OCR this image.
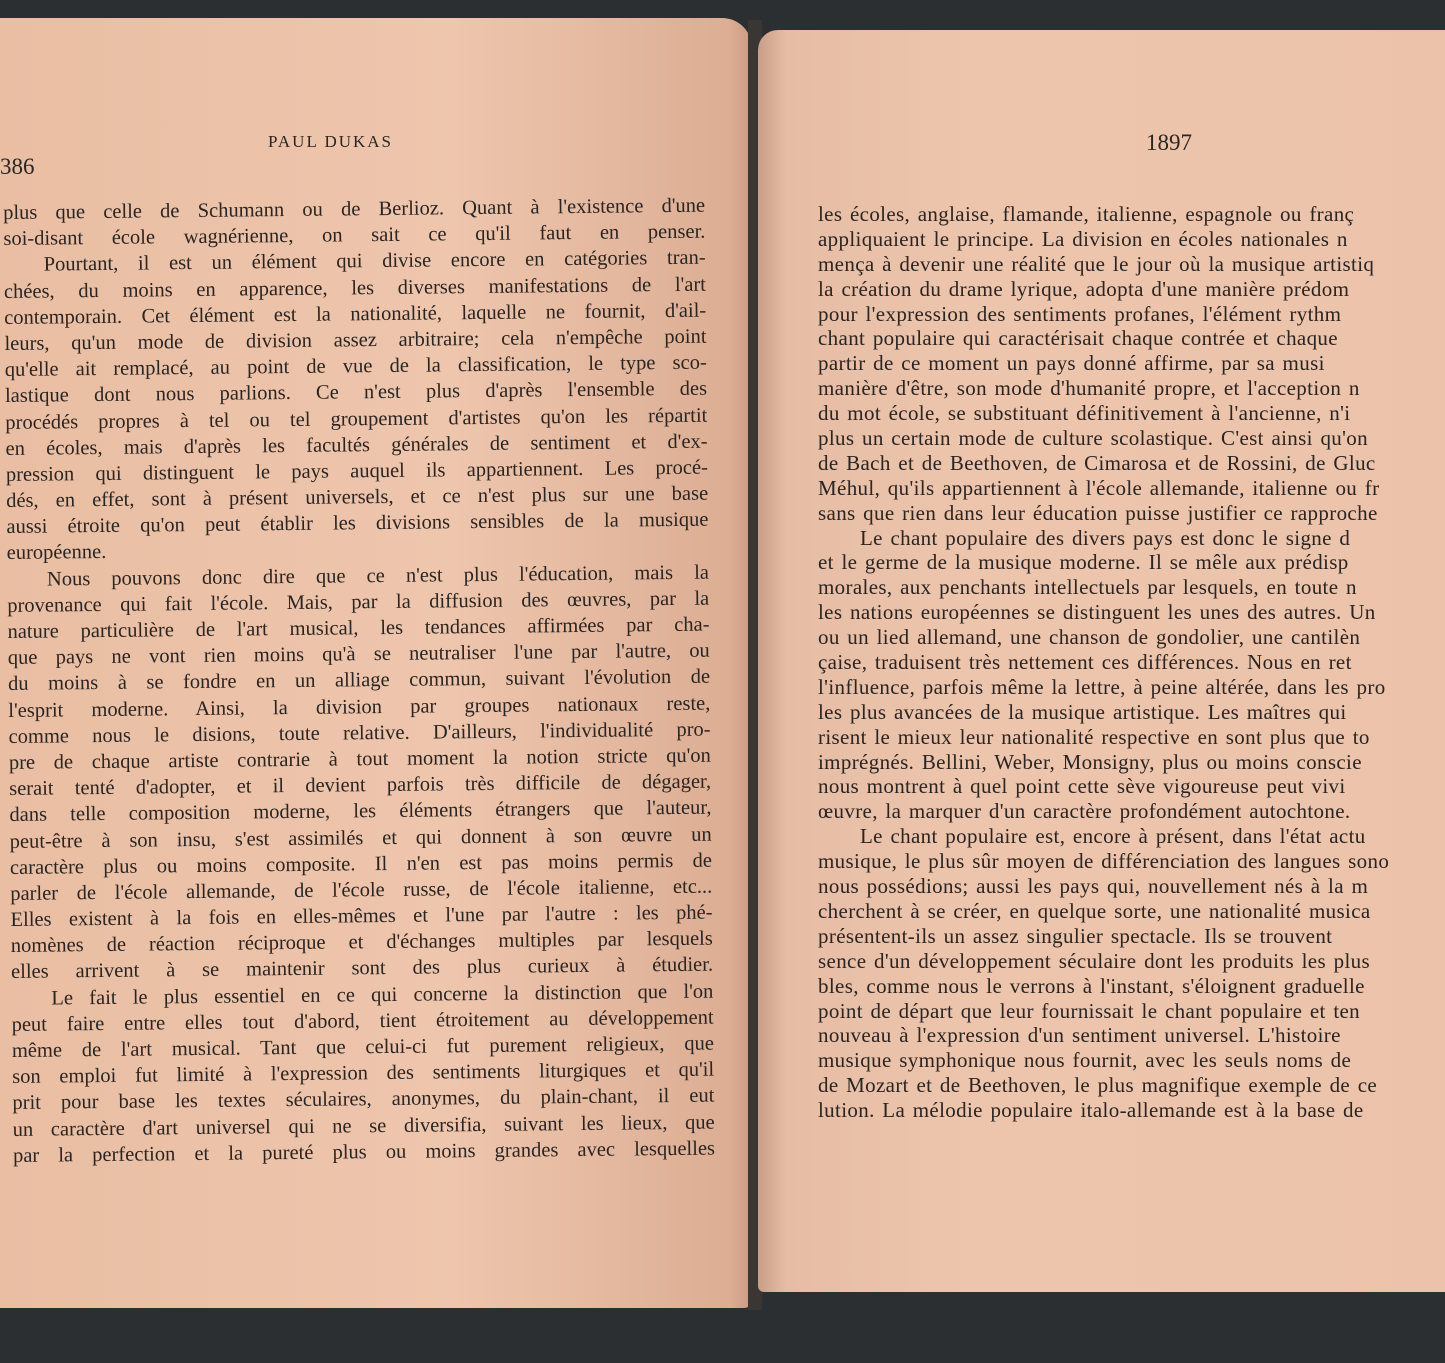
386
PAUL DUKAS
plus que celle de Schumann ou de Berlioz. Quant à l'existence d'une
soi-disant école wagnérienne, on sait ce qu'il faut en penser.
Pourtant, il est un élément qui divise encore en catégories tran-
chées, du moins en apparence, les diverses manifestations de l'art
contemporain. Cet élément est la nationalité, laquelle ne fournit, d'ail-
leurs, qu'un mode de division assez arbitraire; cela n'empêche point
qu'elle ait remplacé, au point de vue de la classification, le type sco-
lastique dont nous parlions. Ce n'est plus d'après l'ensemble des
procédés propres à tel ou tel groupement d'artistes qu'on les répartit
en écoles, mais d'après les facultés générales de sentiment et d'ex-
pression qui distinguent le pays auquel ils appartiennent. Les procé-
dés, en effet, sont à présent universels, et ce n'est plus sur une base
aussi étroite qu'on peut établir les divisions sensibles de la musique
européenne.
Nous pouvons donc dire que ce n'est plus l'éducation, mais la
provenance qui fait l'école. Mais, par la diffusion des œuvres, par la
nature particulière de l'art musical, les tendances affirmées par cha-
que pays ne vont rien moins qu'à se neutraliser l'une par l'autre, ou
du moins à se fondre en un alliage commun, suivant l'évolution de
l'esprit moderne. Ainsi, la division par groupes nationaux reste,
comme nous le disions, toute relative. D'ailleurs, l'individualité pro-
pre de chaque artiste contrarie à tout moment la notion stricte qu'on
serait tenté d'adopter, et il devient parfois très difficile de dégager,
dans telle composition moderne, les éléments étrangers que l'auteur,
peut-être à son insu, s'est assimilés et qui donnent à son œuvre un
caractère plus ou moins composite. Il n'en est pas moins permis de
parler de l'école allemande, de l'école russe, de l'école italienne, etc...
Elles existent à la fois en elles-mêmes et l'une par l'autre : les phé-
nomènes de réaction réciproque et d'échanges multiples par lesquels
elles arrivent à se maintenir sont des plus curieux à étudier.
Le fait le plus essentiel en ce qui concerne la distinction que l'on
peut faire entre elles tout d'abord, tient étroitement au développement
même de l'art musical. Tant que celui-ci fut purement religieux, que
son emploi fut limité à l'expression des sentiments liturgiques et qu'il
prit pour base les textes séculaires, anonymes, du plain-chant, il eut
un caractère d'art universel qui ne se diversifia, suivant les lieux, que
par la perfection et la pureté plus ou moins grandes avec lesquelles
1897
les écoles, anglaise, flamande, italienne, espagnole ou franç
appliquaient le principe. La division en écoles nationales n
mença à devenir une réalité que le jour où la musique artistiq
la création du drame lyrique, adopta d'une manière prédom
pour l'expression des sentiments profanes, l'élément rythm
chant populaire qui caractérisait chaque contrée et chaque
partir de ce moment un pays donné affirme, par sa musi
manière d'être, son mode d'humanité propre, et l'acception n
du mot école, se substituant définitivement à l'ancienne, n'i
plus un certain mode de culture scolastique. C'est ainsi qu'on
de Bach et de Beethoven, de Cimarosa et de Rossini, de Gluc
Méhul, qu'ils appartiennent à l'école allemande, italienne ou fr
sans que rien dans leur éducation puisse justifier ce rapproche
Le chant populaire des divers pays est donc le signe d
et le germe de la musique moderne. Il se mêle aux prédisp
morales, aux penchants intellectuels par lesquels, en toute n
les nations européennes se distinguent les unes des autres. Un
ou un lied allemand, une chanson de gondolier, une cantilèn
çaise, traduisent très nettement ces différences. Nous en ret
l'influence, parfois même la lettre, à peine altérée, dans les pro
les plus avancées de la musique artistique. Les maîtres qui
risent le mieux leur nationalité respective en sont plus que to
imprégnés. Bellini, Weber, Monsigny, plus ou moins conscie
nous montrent à quel point cette sève vigoureuse peut vivi
œuvre, la marquer d'un caractère profondément autochtone.
Le chant populaire est, encore à présent, dans l'état actu
musique, le plus sûr moyen de différenciation des langues sono
nous possédions; aussi les pays qui, nouvellement nés à la m
cherchent à se créer, en quelque sorte, une nationalité musica
présentent-ils un assez singulier spectacle. Ils se trouvent
sence d'un développement séculaire dont les produits les plus
bles, comme nous le verrons à l'instant, s'éloignent graduelle
point de départ que leur fournissait le chant populaire et ten
nouveau à l'expression d'un sentiment universel. L'histoire
musique symphonique nous fournit, avec les seuls noms de
de Mozart et de Beethoven, le plus magnifique exemple de ce
lution. La mélodie populaire italo-allemande est à la base de
